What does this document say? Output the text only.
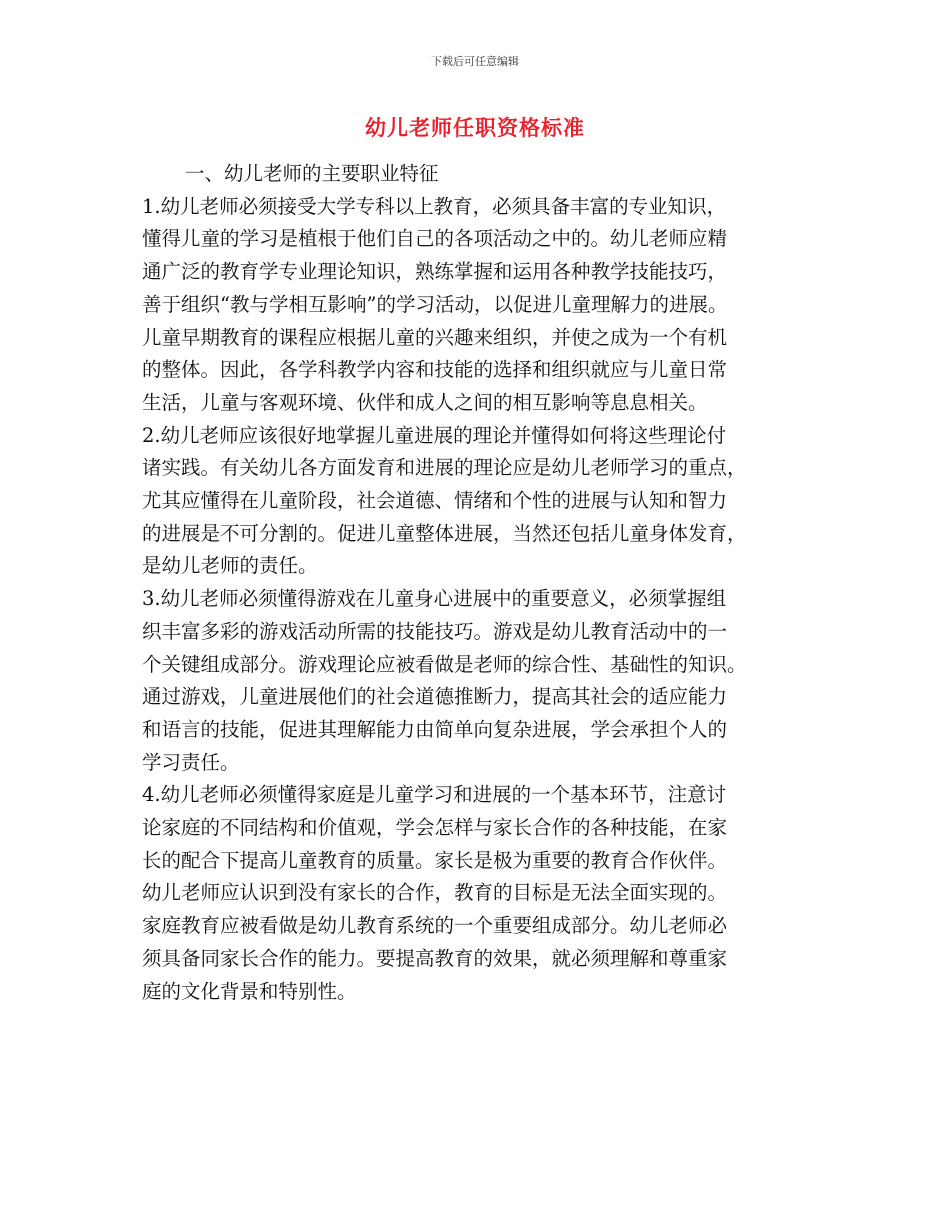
下载后可任意编辑
幼儿老师任职资格标准

一、幼儿老师的主要职业特征

1.幼儿老师必须接受大学专科以上教育，必须具备丰富的专业知识，
懂得儿童的学习是植根于他们自己的各项活动之中的。幼儿老师应精
通广泛的教育学专业理论知识，熟练掌握和运用各种教学技能技巧，
善于组织“教与学相互影响”的学习活动，以促进儿童理解力的进展。
儿童早期教育的课程应根据儿童的兴趣来组织，并使之成为一个有机
的整体。因此，各学科教学内容和技能的选择和组织就应与儿童日常
生活，儿童与客观环境、伙伴和成人之间的相互影响等息息相关。
2.幼儿老师应该很好地掌握儿童进展的理论并懂得如何将这些理论付
诸实践。有关幼儿各方面发育和进展的理论应是幼儿老师学习的重点，
尤其应懂得在儿童阶段，社会道德、情绪和个性的进展与认知和智力
的进展是不可分割的。促进儿童整体进展，当然还包括儿童身体发育，
是幼儿老师的责任。
3.幼儿老师必须懂得游戏在儿童身心进展中的重要意义，必须掌握组
织丰富多彩的游戏活动所需的技能技巧。游戏是幼儿教育活动中的一
个关键组成部分。游戏理论应被看做是老师的综合性、基础性的知识。
通过游戏，儿童进展他们的社会道德推断力，提高其社会的适应能力
和语言的技能，促进其理解能力由简单向复杂进展，学会承担个人的
学习责任。
4.幼儿老师必须懂得家庭是儿童学习和进展的一个基本环节，注意讨
论家庭的不同结构和价值观，学会怎样与家长合作的各种技能，在家
长的配合下提高儿童教育的质量。家长是极为重要的教育合作伙伴。
幼儿老师应认识到没有家长的合作，教育的目标是无法全面实现的。
家庭教育应被看做是幼儿教育系统的一个重要组成部分。幼儿老师必
须具备同家长合作的能力。要提高教育的效果，就必须理解和尊重家
庭的文化背景和特别性。
